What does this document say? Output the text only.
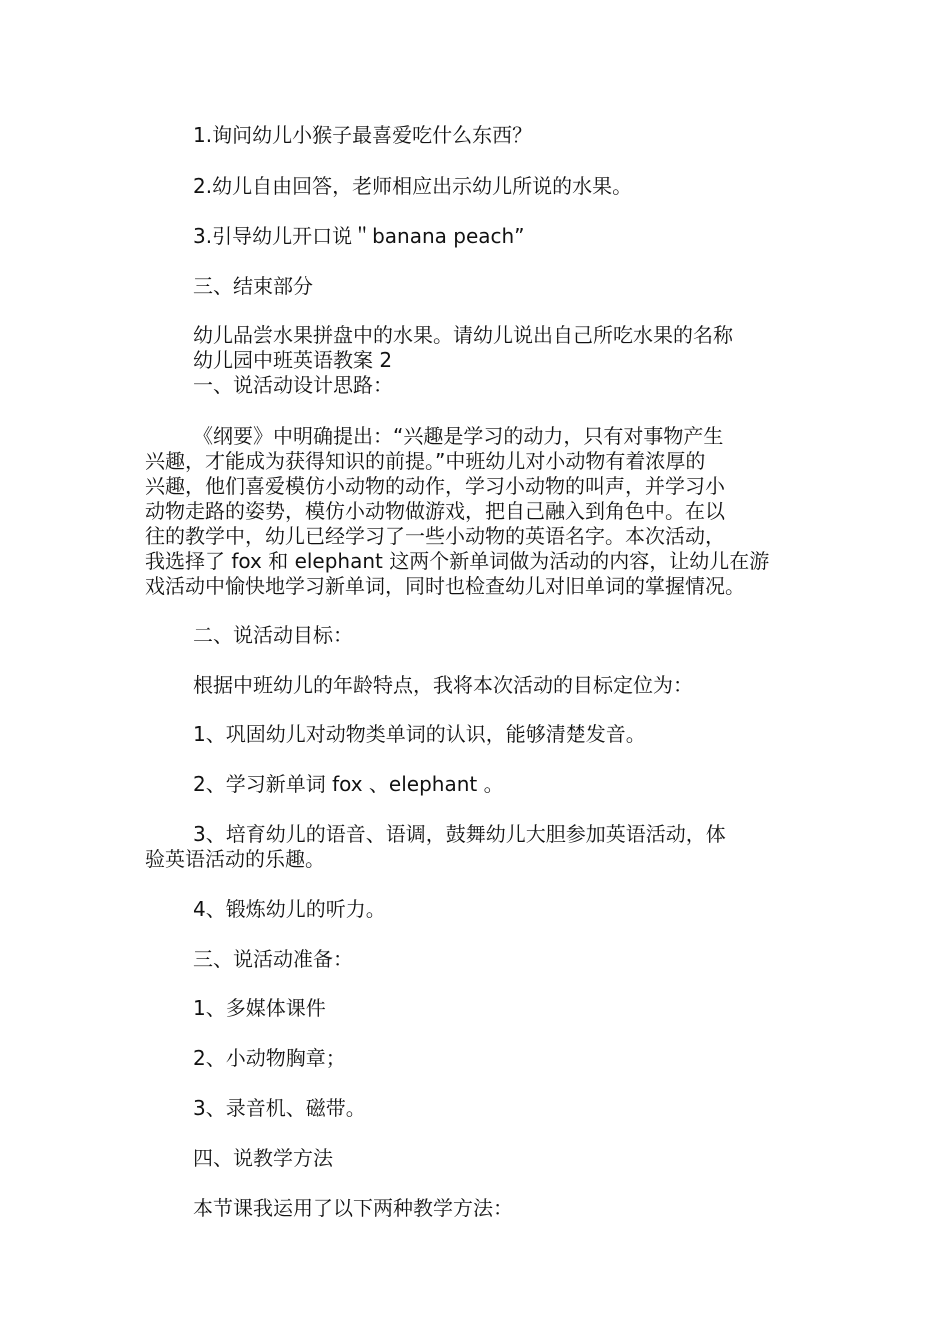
1.询问幼儿小猴子最喜爱吃什么东西？
2.幼儿自由回答，老师相应出示幼儿所说的水果。
3.引导幼儿开口说＂banana peach”
三、结束部分
幼儿品尝水果拼盘中的水果。请幼儿说出自己所吃水果的名称
幼儿园中班英语教案 2
一、说活动设计思路：
《纲要》中明确提出：“兴趣是学习的动力，只有对事物产生
兴趣，才能成为获得知识的前提。”中班幼儿对小动物有着浓厚的
兴趣，他们喜爱模仿小动物的动作，学习小动物的叫声，并学习小
动物走路的姿势，模仿小动物做游戏，把自己融入到角色中。在以
往的教学中，幼儿已经学习了一些小动物的英语名字。本次活动，
我选择了 fox 和 elephant 这两个新单词做为活动的内容，让幼儿在游
戏活动中愉快地学习新单词，同时也检查幼儿对旧单词的掌握情况。
二、说活动目标：
根据中班幼儿的年龄特点，我将本次活动的目标定位为：
1、巩固幼儿对动物类单词的认识，能够清楚发音。
2、学习新单词 fox 、elephant 。
3、培育幼儿的语音、语调，鼓舞幼儿大胆参加英语活动，体
验英语活动的乐趣。
4、锻炼幼儿的听力。
三、说活动准备：
1、多媒体课件
2、小动物胸章；
3、录音机、磁带。
四、说教学方法
本节课我运用了以下两种教学方法：
